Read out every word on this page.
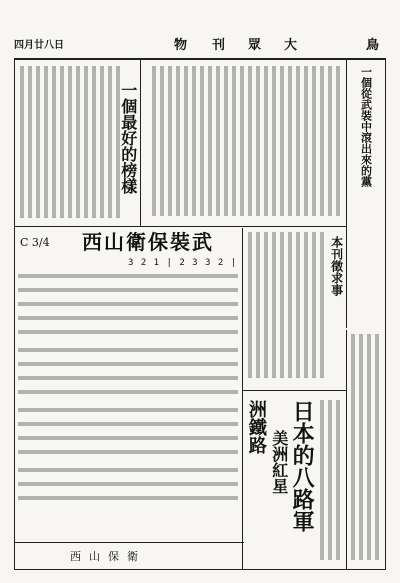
四月廿八日	大
眾
刊
物	鳥
一個從武裝中滾出來的黨
一個最好的榜樣
西山衛保裝武
C 3/4
3 2 1 | 2 3 3 2 |
西山保衛
本刊徵求事
洲鐵路 日本的八路軍
美洲紅星
